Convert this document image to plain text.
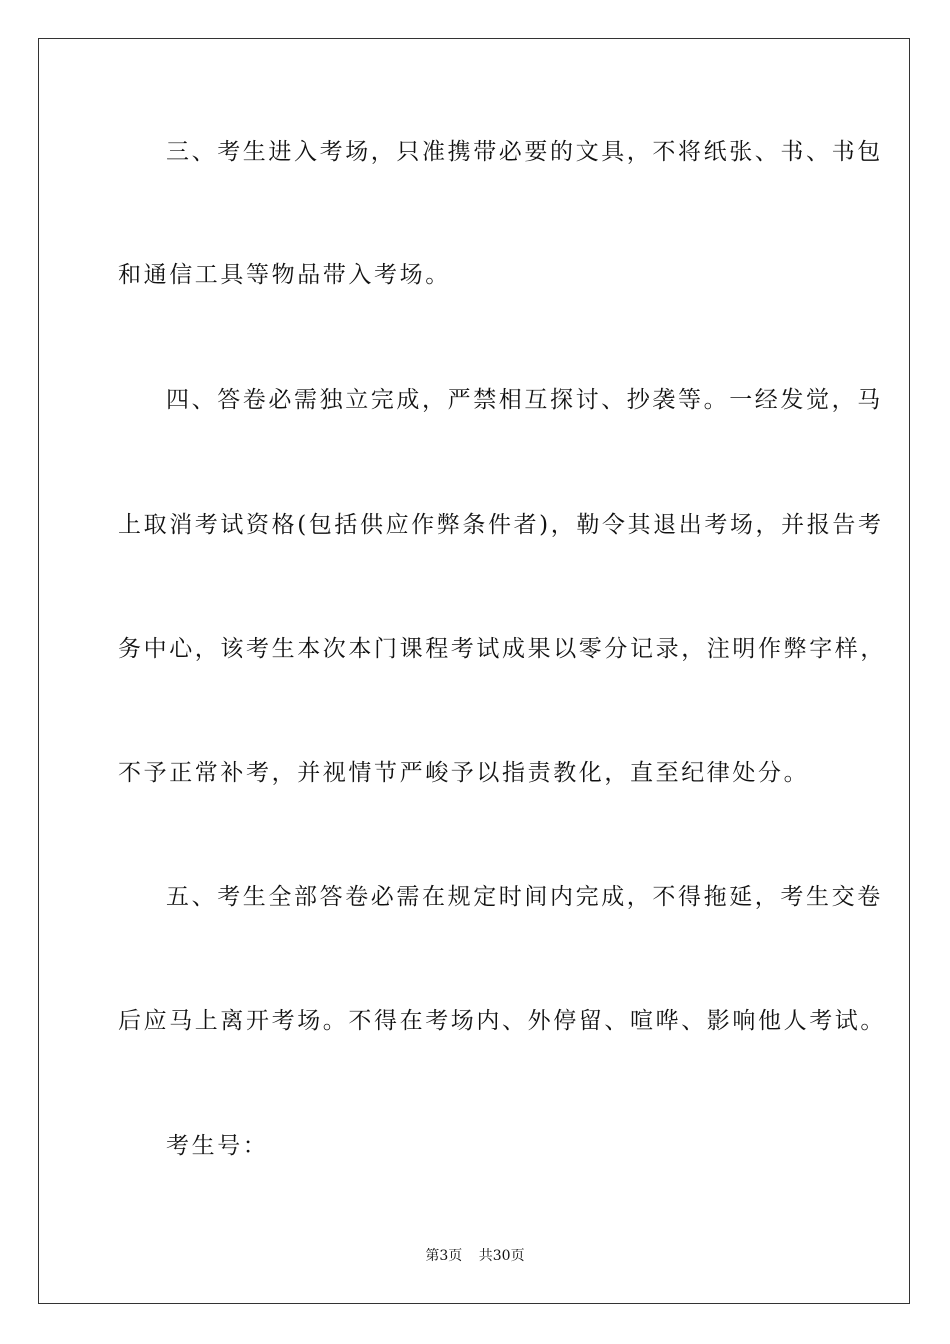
三、考生进入考场，只准携带必要的文具，不将纸张、书、书包
和通信工具等物品带入考场。
四、答卷必需独立完成，严禁相互探讨、抄袭等。一经发觉，马
上取消考试资格(包括供应作弊条件者)，勒令其退出考场，并报告考
务中心，该考生本次本门课程考试成果以零分记录，注明作弊字样，
不予正常补考，并视情节严峻予以指责教化，直至纪律处分。
五、考生全部答卷必需在规定时间内完成，不得拖延，考生交卷
后应马上离开考场。不得在考场内、外停留、喧哗、影响他人考试。
考生号：
第3页 共30页
